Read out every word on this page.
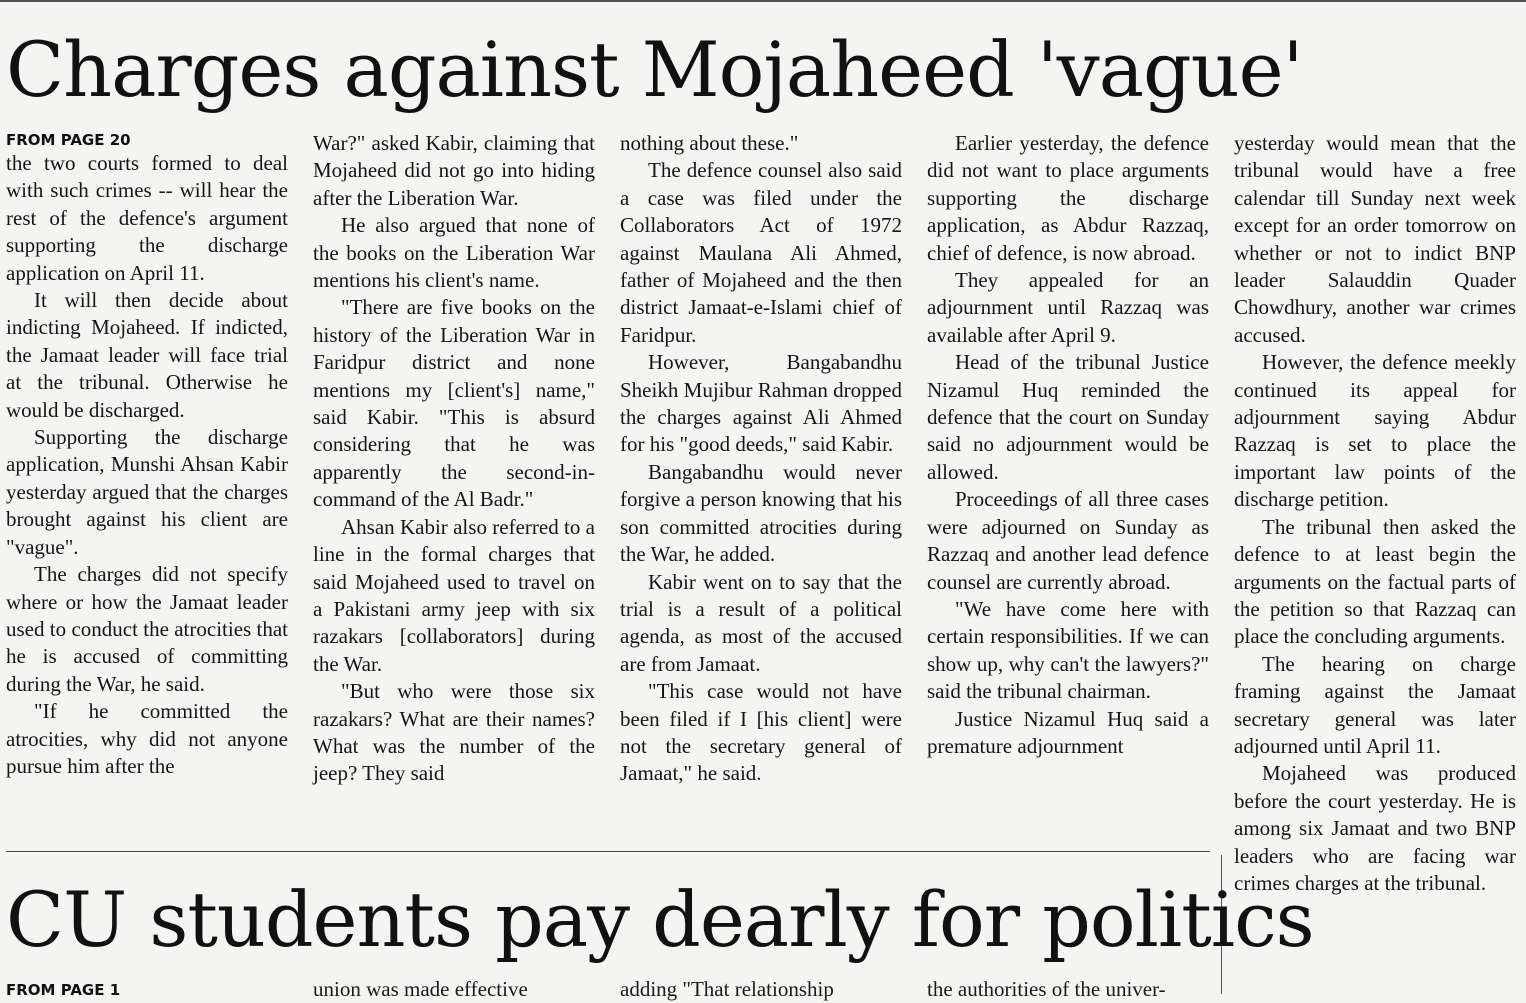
Charges against Mojaheed 'vague'
FROM PAGE 20

the two courts formed to deal with such crimes -- will hear the rest of the defence's argument supporting the discharge application on April 11.

It will then decide about indicting Mojaheed. If indicted, the Jamaat leader will face trial at the tribunal. Otherwise he would be discharged.

Supporting the discharge application, Munshi Ahsan Kabir yesterday argued that the charges brought against his client are "vague".

The charges did not specify where or how the Jamaat leader used to conduct the atrocities that he is accused of committing during the War, he said.

"If he committed the atrocities, why did not anyone pursue him after the

War?" asked Kabir, claiming that Mojaheed did not go into hiding after the Liberation War.

He also argued that none of the books on the Liberation War mentions his client's name.

"There are five books on the history of the Liberation War in Faridpur district and none mentions my [client's] name," said Kabir. "This is absurd considering that he was apparently the second-in-command of the Al Badr."

Ahsan Kabir also referred to a line in the formal charges that said Mojaheed used to travel on a Pakistani army jeep with six razakars [collaborators] during the War.

"But who were those six razakars? What are their names? What was the number of the jeep? They said

nothing about these."

The defence counsel also said a case was filed under the Collaborators Act of 1972 against Maulana Ali Ahmed, father of Mojaheed and the then district Jamaat-e-Islami chief of Faridpur.

However, Bangabandhu Sheikh Mujibur Rahman dropped the charges against Ali Ahmed for his "good deeds," said Kabir.

Bangabandhu would never forgive a person knowing that his son committed atrocities during the War, he added.

Kabir went on to say that the trial is a result of a political agenda, as most of the accused are from Jamaat.

"This case would not have been filed if I [his client] were not the secretary general of Jamaat," he said.

Earlier yesterday, the defence did not want to place arguments supporting the discharge application, as Abdur Razzaq, chief of defence, is now abroad.

They appealed for an adjournment until Razzaq was available after April 9.

Head of the tribunal Justice Nizamul Huq reminded the defence that the court on Sunday said no adjournment would be allowed.

Proceedings of all three cases were adjourned on Sunday as Razzaq and another lead defence counsel are currently abroad.

"We have come here with certain responsibilities. If we can show up, why can't the lawyers?" said the tribunal chairman.

Justice Nizamul Huq said a premature adjournment

yesterday would mean that the tribunal would have a free calendar till Sunday next week except for an order tomorrow on whether or not to indict BNP leader Salauddin Quader Chowdhury, another war crimes accused.

However, the defence meekly continued its appeal for adjournment saying Abdur Razzaq is set to place the important law points of the discharge petition.

The tribunal then asked the defence to at least begin the arguments on the factual parts of the petition so that Razzaq can place the concluding arguments.

The hearing on charge framing against the Jamaat secretary general was later adjourned until April 11.

Mojaheed was produced before the court yesterday. He is among six Jamaat and two BNP leaders who are facing war crimes charges at the tribunal.

CU students pay dearly for politics
FROM PAGE 1	union was made effective	adding "That relationship	the authorities of the univer-
